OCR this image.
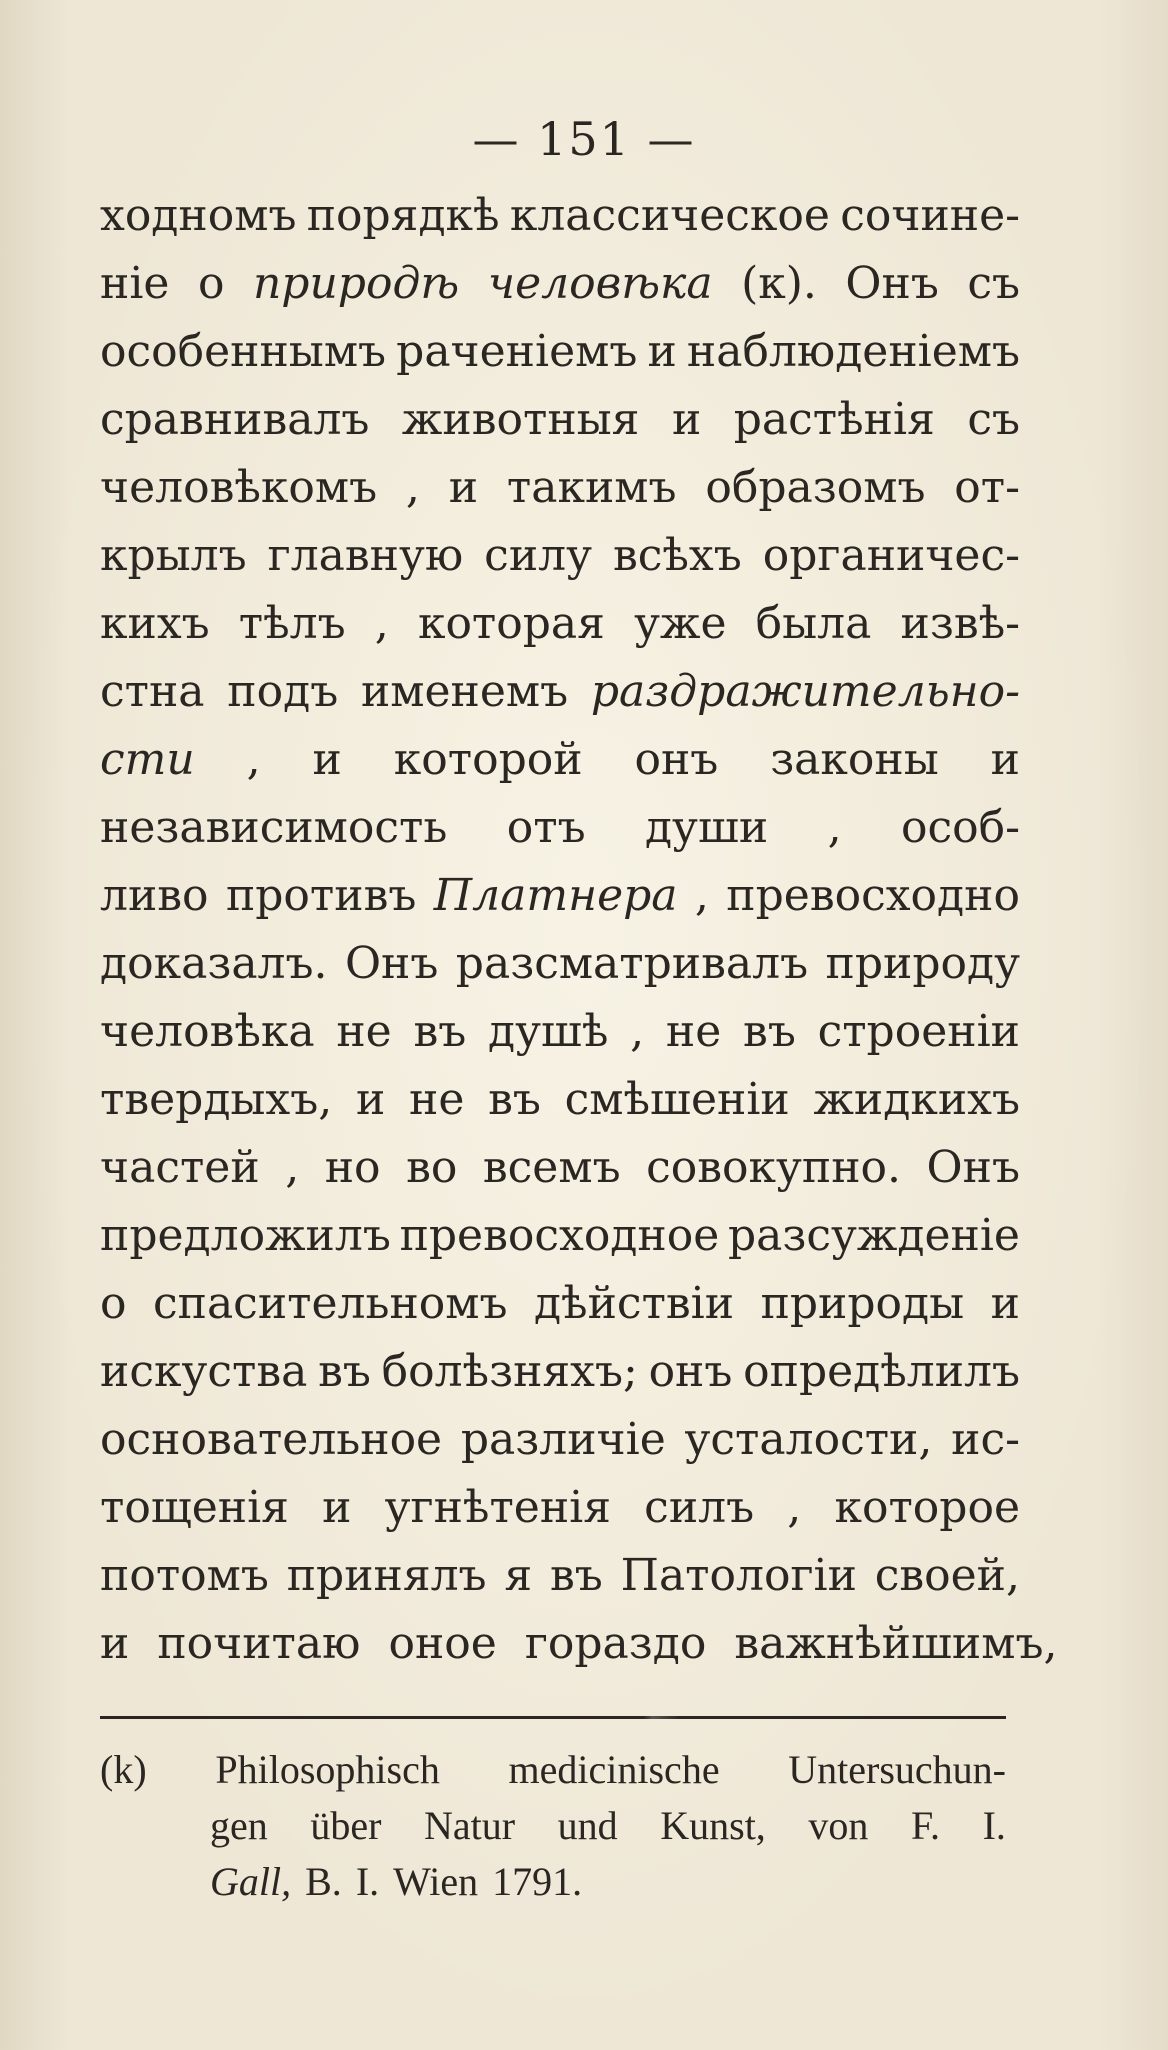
— 151 —
ходномъ порядкѣ классическое сочине-
ніе о природѣ человѣка (к). Онъ съ
особеннымъ раченіемъ и наблюденіемъ
сравнивалъ животныя и растѣнія съ
человѣкомъ , и такимъ образомъ от-
крылъ главную силу всѣхъ органичес-
кихъ тѣлъ , которая уже была извѣ-
стна подъ именемъ раздражительно-
сти , и которой онъ законы и
независимость отъ души , особ-
ливо противъ Платнера , превосходно
доказалъ. Онъ разсматривалъ природу
человѣка не въ душѣ , не въ строеніи
твердыхъ, и не въ смѣшеніи жидкихъ
частей , но во всемъ совокупно. Онъ
предложилъ превосходное разсужденіе
о спасительномъ дѣйствіи природы и
искуства въ болѣзняхъ; онъ опредѣлилъ
основательное различіе усталости, ис-
тощенія и угнѣтенія силъ , которое
потомъ принялъ я въ Патологіи своей,
и почитаю оное гораздо важнѣйшимъ,
(k) Philosophisch medicinische Untersuchun-
gen über Natur und Kunst, von F. I.
Gall, B. I. Wien 1791.
